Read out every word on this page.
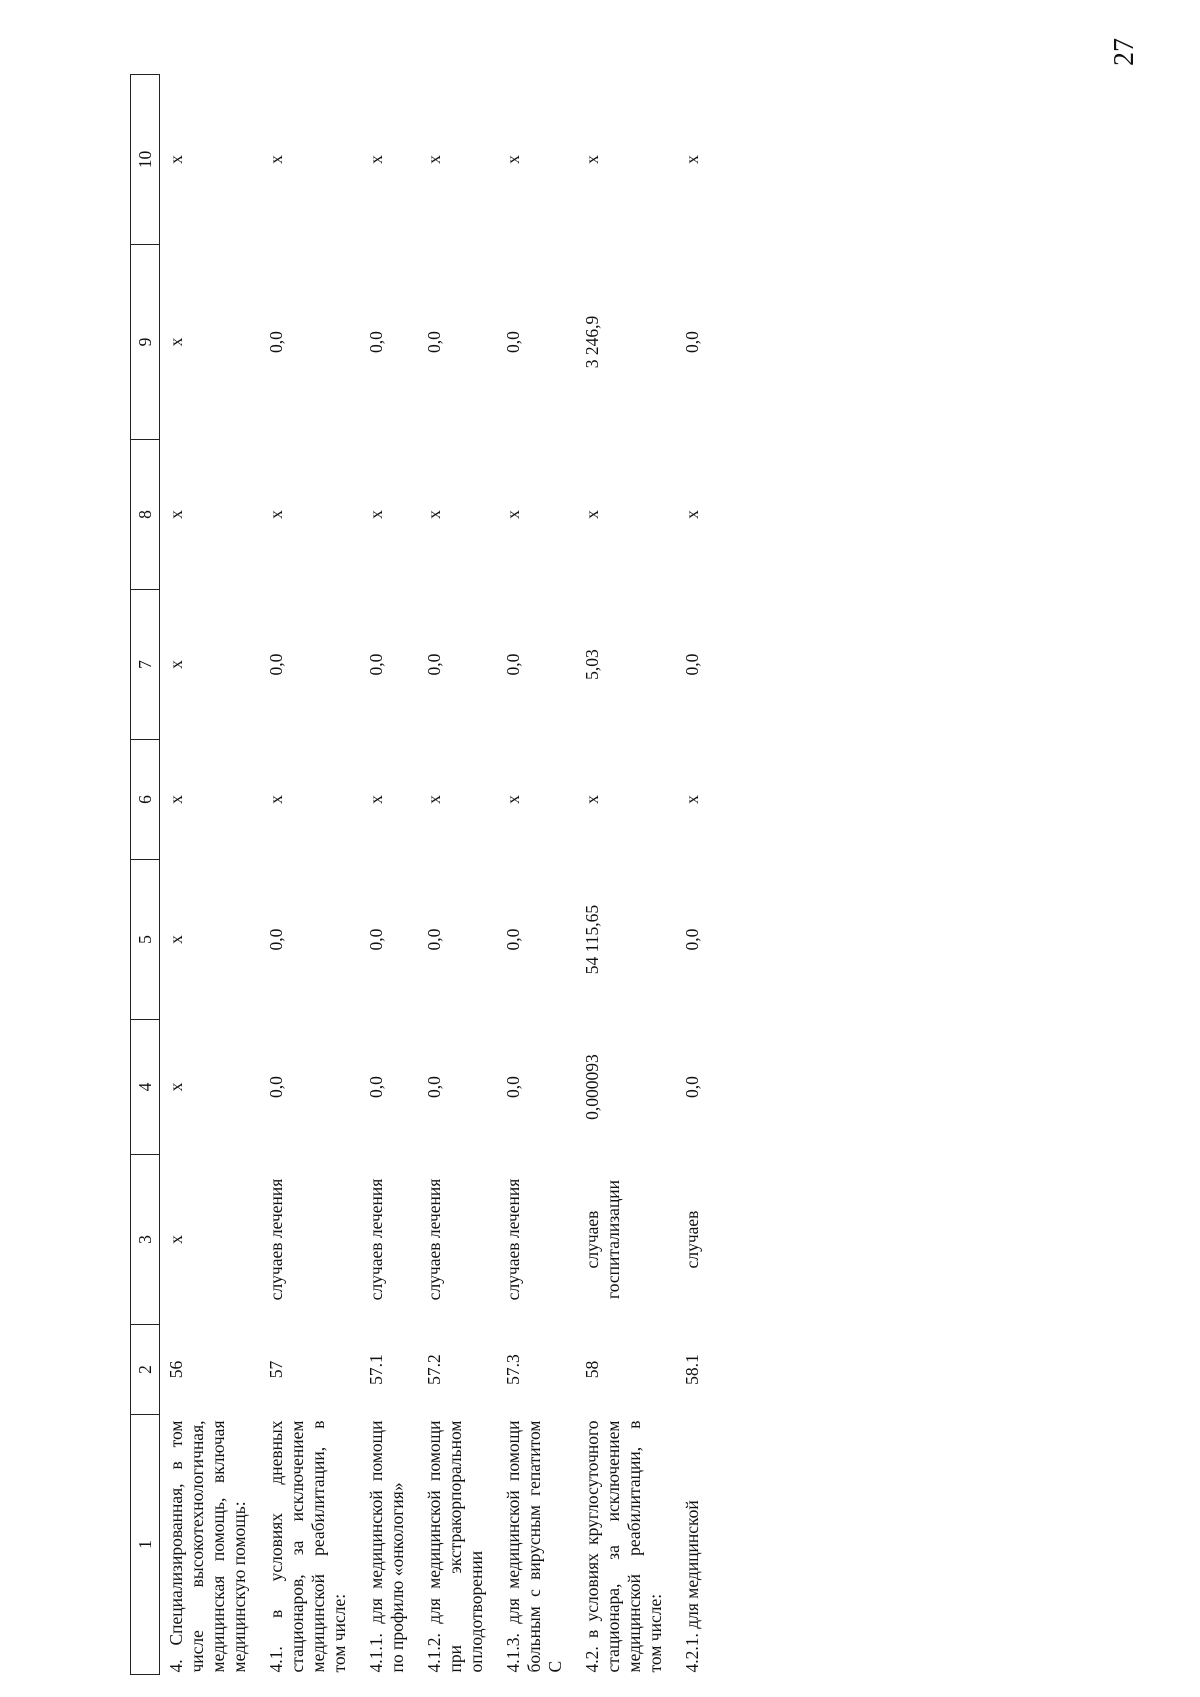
27
1	2	3	4	5	6	7	8	9	10
4. Специализированная, в том числе высокотехнологичная, медицинская помощь, включая медицинскую помощь:	56	х	х	х	х	х	х	х	х
4.1. в условиях дневных стационаров, за исключением медицинской реабилитации, в том числе:	57	случаев лечения	0,0	0,0	х	0,0	х	0,0	х
4.1.1. для медицинской помощи по профилю «онкология»	57.1	случаев лечения	0,0	0,0	х	0,0	х	0,0	х
4.1.2. для медицинской помощи при экстракорпоральном оплодотворении	57.2	случаев лечения	0,0	0,0	х	0,0	х	0,0	х
4.1.3. для медицинской помощи больным с вирусным гепатитом С	57.3	случаев лечения	0,0	0,0	х	0,0	х	0,0	х
4.2. в условиях круглосуточного стационара, за исключением медицинской реабилитации, в том числе:	58	случаев госпитализации	0,000093	54 115,65	х	5,03	х	3 246,9	х
4.2.1. для медицинской	58.1	случаев	0,0	0,0	х	0,0	х	0,0	х
